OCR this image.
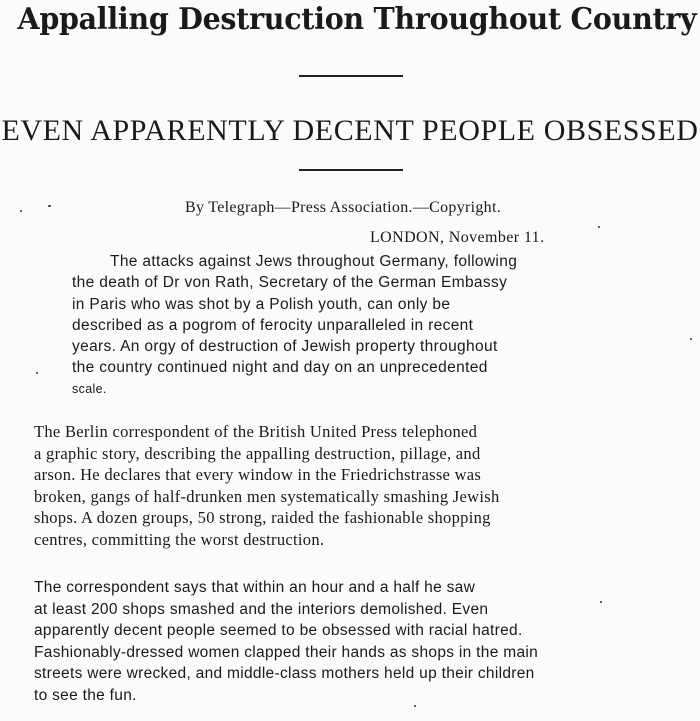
Appalling Destruction Throughout Country
EVEN APPARENTLY DECENT PEOPLE OBSESSED
By Telegraph—Press Association.—Copyright.
LONDON, November 11.
The attacks against Jews throughout Germany, following
the death of Dr von Rath, Secretary of the German Embassy
in Paris who was shot by a Polish youth, can only be
described as a pogrom of ferocity unparalleled in recent
years. An orgy of destruction of Jewish property throughout
the country continued night and day on an unprecedented
scale.
The Berlin correspondent of the British United Press telephoned
a graphic story, describing the appalling destruction, pillage, and
arson. He declares that every window in the Friedrichstrasse was
broken, gangs of half-drunken men systematically smashing Jewish
shops. A dozen groups, 50 strong, raided the fashionable shopping
centres, committing the worst destruction.
The correspondent says that within an hour and a half he saw
at least 200 shops smashed and the interiors demolished. Even
apparently decent people seemed to be obsessed with racial hatred.
Fashionably-dressed women clapped their hands as shops in the main
streets were wrecked, and middle-class mothers held up their children
to see the fun.
